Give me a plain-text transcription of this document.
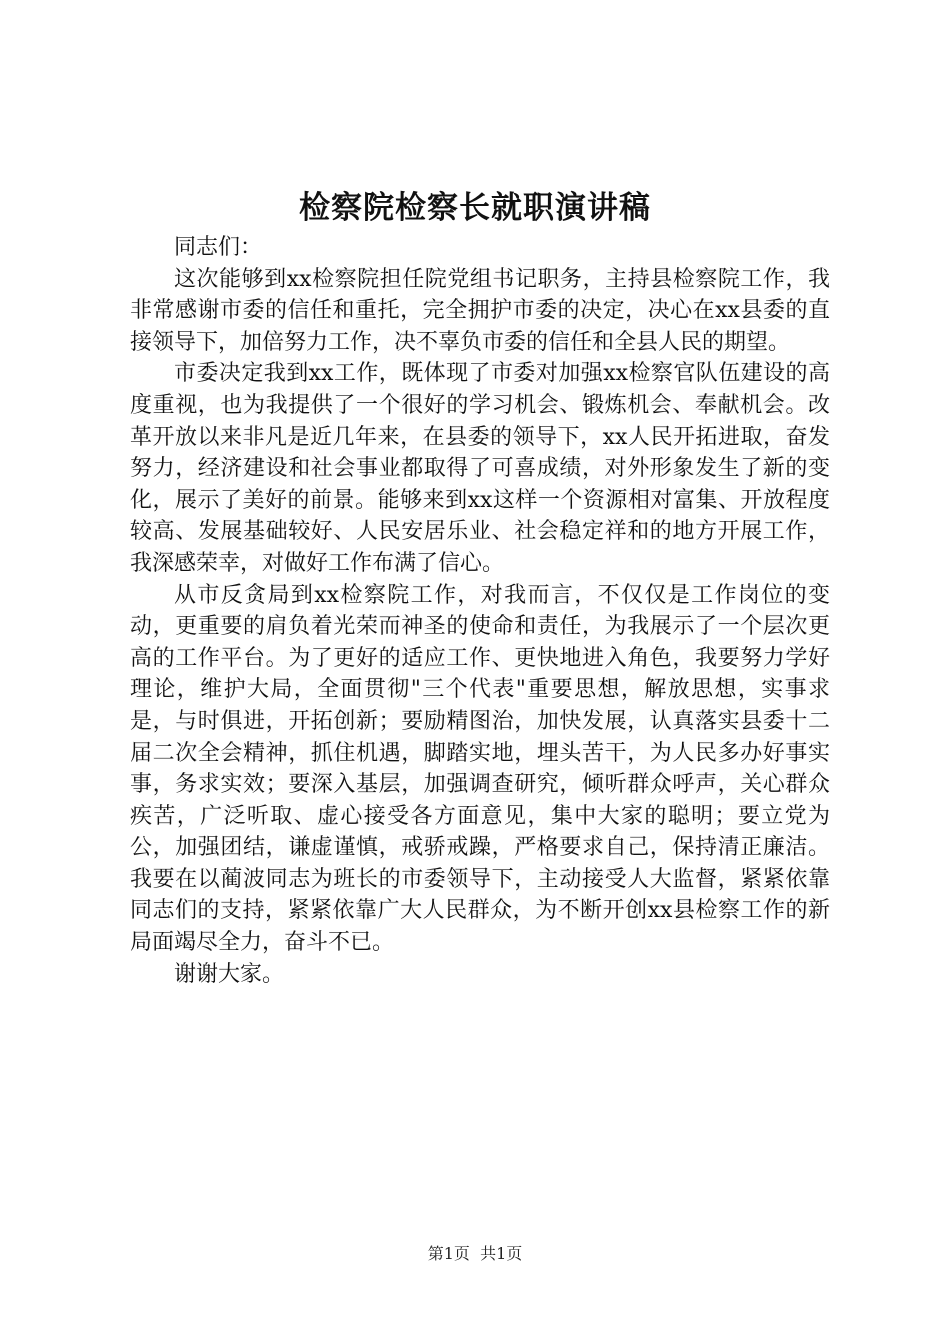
检察院检察长就职演讲稿

同志们：

这次能够到xx检察院担任院党组书记职务，主持县检察院工作，我非常感谢市委的信任和重托，完全拥护市委的决定，决心在xx县委的直接领导下，加倍努力工作，决不辜负市委的信任和全县人民的期望。

市委决定我到xx工作，既体现了市委对加强xx检察官队伍建设的高度重视，也为我提供了一个很好的学习机会、锻炼机会、奉献机会。改革开放以来非凡是近几年来，在县委的领导下，xx人民开拓进取，奋发努力，经济建设和社会事业都取得了可喜成绩，对外形象发生了新的变化，展示了美好的前景。能够来到xx这样一个资源相对富集、开放程度较高、发展基础较好、人民安居乐业、社会稳定祥和的地方开展工作，我深感荣幸，对做好工作布满了信心。

从市反贪局到xx检察院工作，对我而言，不仅仅是工作岗位的变动，更重要的肩负着光荣而神圣的使命和责任，为我展示了一个层次更高的工作平台。为了更好的适应工作、更快地进入角色，我要努力学好理论，维护大局，全面贯彻"三个代表"重要思想，解放思想，实事求是，与时俱进，开拓创新；要励精图治，加快发展，认真落实县委十二届二次全会精神，抓住机遇，脚踏实地，埋头苦干，为人民多办好事实事，务求实效；要深入基层，加强调查研究，倾听群众呼声，关心群众疾苦，广泛听取、虚心接受各方面意见，集中大家的聪明；要立党为公，加强团结，谦虚谨慎，戒骄戒躁，严格要求自己，保持清正廉洁。我要在以蔺波同志为班长的市委领导下，主动接受人大监督，紧紧依靠同志们的支持，紧紧依靠广大人民群众，为不断开创xx县检察工作的新局面竭尽全力，奋斗不已。

谢谢大家。

第1页 共1页
